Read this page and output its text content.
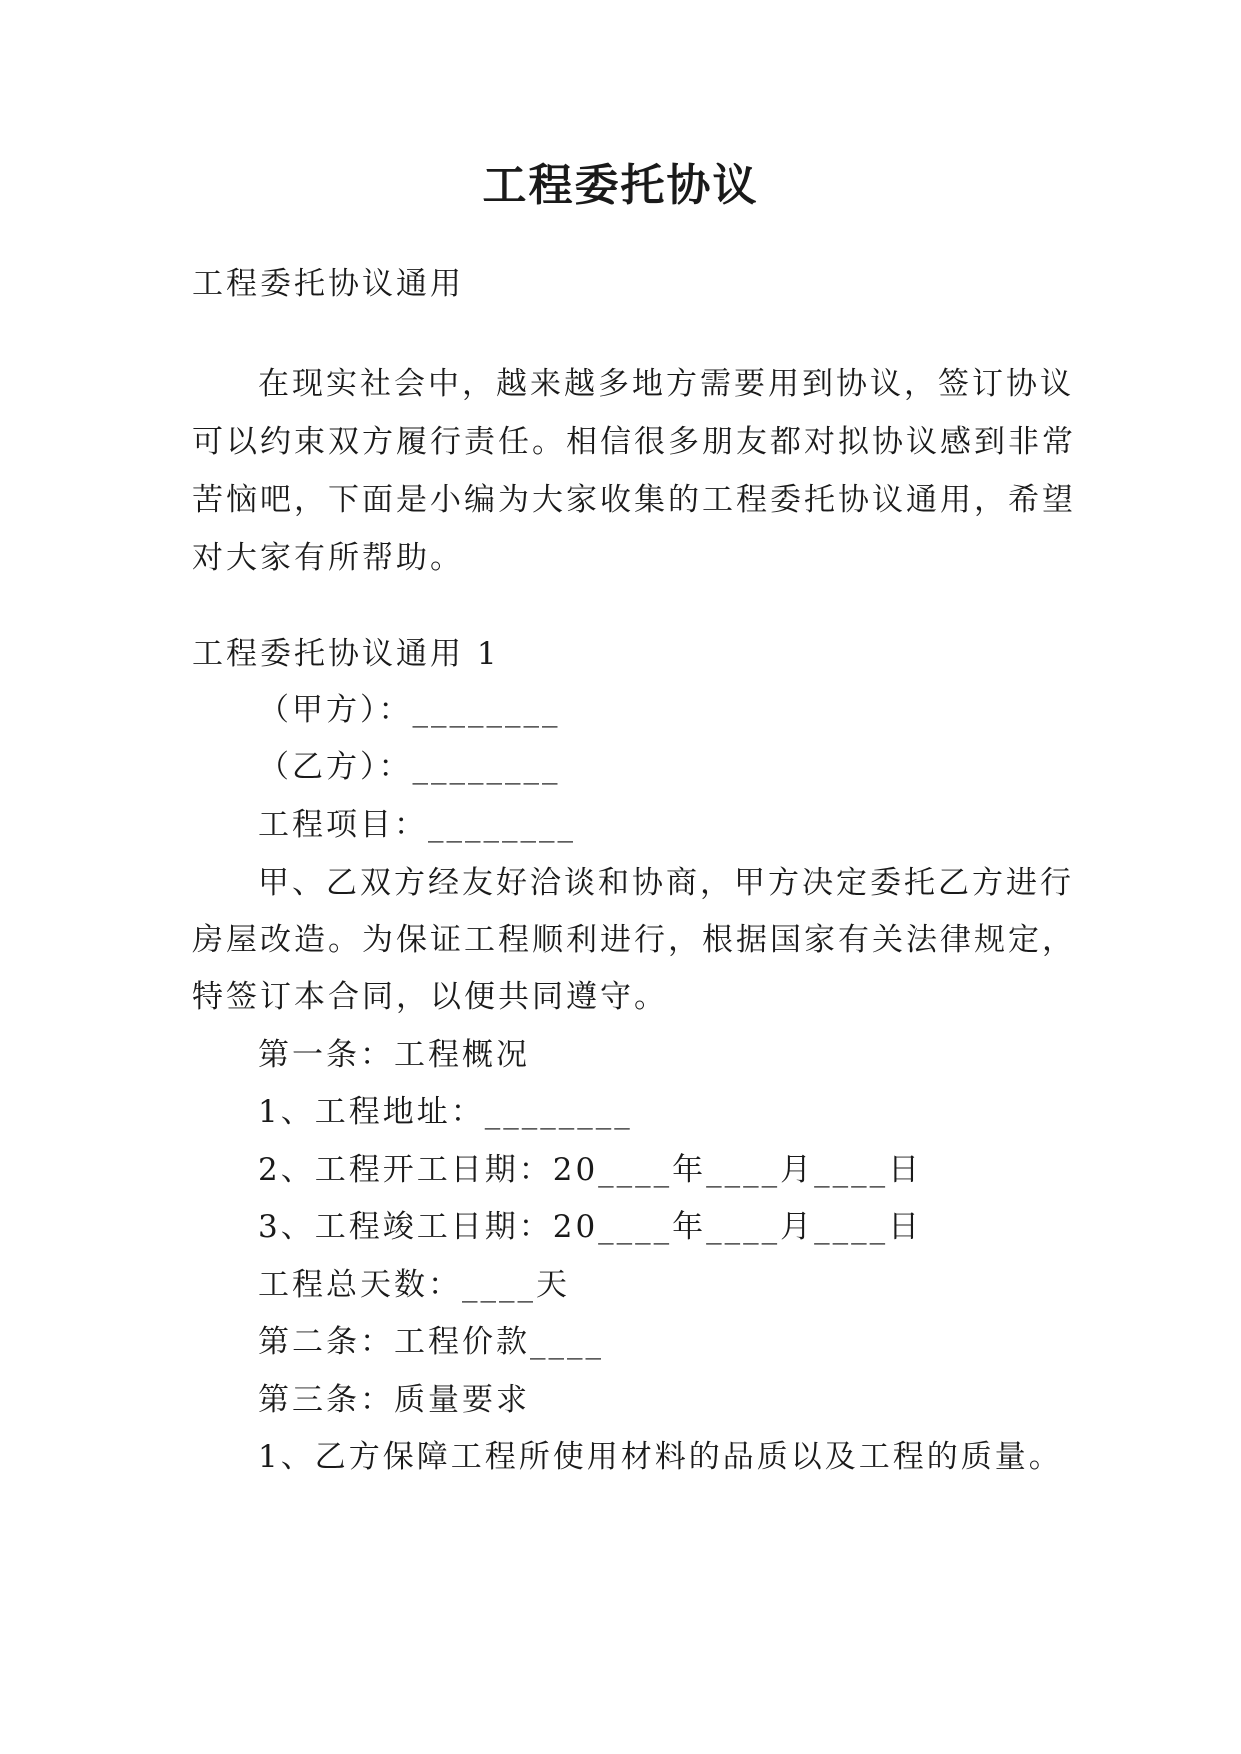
工程委托协议
工程委托协议通用
在现实社会中，越来越多地方需要用到协议，签订协议
可以约束双方履行责任。相信很多朋友都对拟协议感到非常
苦恼吧，下面是小编为大家收集的工程委托协议通用，希望
对大家有所帮助。
工程委托协议通用 1
（甲方）：________
（乙方）：________
工程项目：________
甲、乙双方经友好洽谈和协商，甲方决定委托乙方进行
房屋改造。为保证工程顺利进行，根据国家有关法律规定，
特签订本合同，以便共同遵守。
第一条：工程概况
1、工程地址：________
2、工程开工日期：20____年____月____日
3、工程竣工日期：20____年____月____日
工程总天数：____天
第二条：工程价款____
第三条：质量要求
1、乙方保障工程所使用材料的品质以及工程的质量。
